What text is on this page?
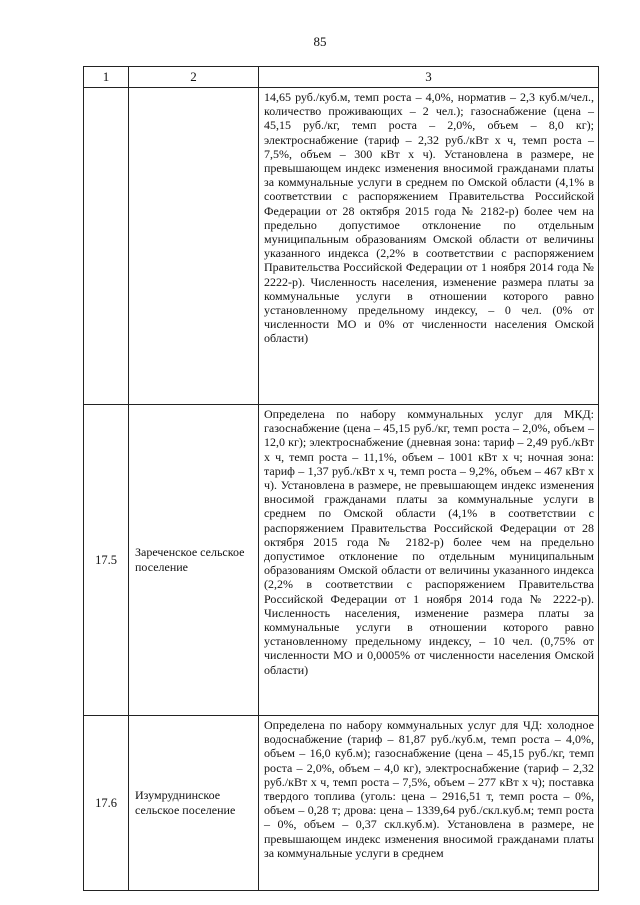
85
1	2	3
		14,65 руб./куб.м, темп роста – 4,0%, норматив – 2,3 куб.м/чел., количество проживающих – 2 чел.); газоснабжение (цена – 45,15 руб./кг, темп роста – 2,0%, объем – 8,0 кг); электроснабжение (тариф – 2,32 руб./кВт х ч, темп роста – 7,5%, объем – 300 кВт х ч). Установлена в размере, не превышающем индекс изменения вносимой гражданами платы за коммунальные услуги в среднем по Омской области (4,1% в соответствии с распоряжением Правительства Российской Федерации от 28 октября 2015 года № 2182-р) более чем на предельно допустимое отклонение по отдельным муниципальным образованиям Омской области от величины указанного индекса (2,2% в соответствии с распоряжением Правительства Российской Федерации от 1 ноября 2014 года № 2222-р). Численность населения, изменение размера платы за коммунальные услуги в отношении которого равно установленному предельному индексу, – 0 чел. (0% от численности МО и 0% от численности населения Омской области)
17.5	Зареченское сельское поселение	Определена по набору коммунальных услуг для МКД: газоснабжение (цена – 45,15 руб./кг, темп роста – 2,0%, объем – 12,0 кг); электроснабжение (дневная зона: тариф – 2,49 руб./кВт х ч, темп роста – 11,1%, объем – 1001 кВт х ч; ночная зона: тариф – 1,37 руб./кВт х ч, темп роста – 9,2%, объем – 467 кВт х ч). Установлена в размере, не превышающем индекс изменения вносимой гражданами платы за коммунальные услуги в среднем по Омской области (4,1% в соответствии с распоряжением Правительства Российской Федерации от 28 октября 2015 года № 2182-р) более чем на предельно допустимое отклонение по отдельным муниципальным образованиям Омской области от величины указанного индекса (2,2% в соответствии с распоряжением Правительства Российской Федерации от 1 ноября 2014 года № 2222-р). Численность населения, изменение размера платы за коммунальные услуги в отношении которого равно установленному предельному индексу, – 10 чел. (0,75% от численности МО и 0,0005% от численности населения Омской области)
17.6	Изумруднинское сельское поселение	Определена по набору коммунальных услуг для ЧД: холодное водоснабжение (тариф – 81,87 руб./куб.м, темп роста – 4,0%, объем – 16,0 куб.м); газоснабжение (цена – 45,15 руб./кг, темп роста – 2,0%, объем – 4,0 кг), электроснабжение (тариф – 2,32 руб./кВт х ч, темп роста – 7,5%, объем – 277 кВт х ч); поставка твердого топлива (уголь: цена – 2916,51 т, темп роста – 0%, объем – 0,28 т; дрова: цена – 1339,64 руб./скл.куб.м; темп роста – 0%, объем – 0,37 скл.куб.м). Установлена в размере, не превышающем индекс изменения вносимой гражданами платы за коммунальные услуги в среднем
